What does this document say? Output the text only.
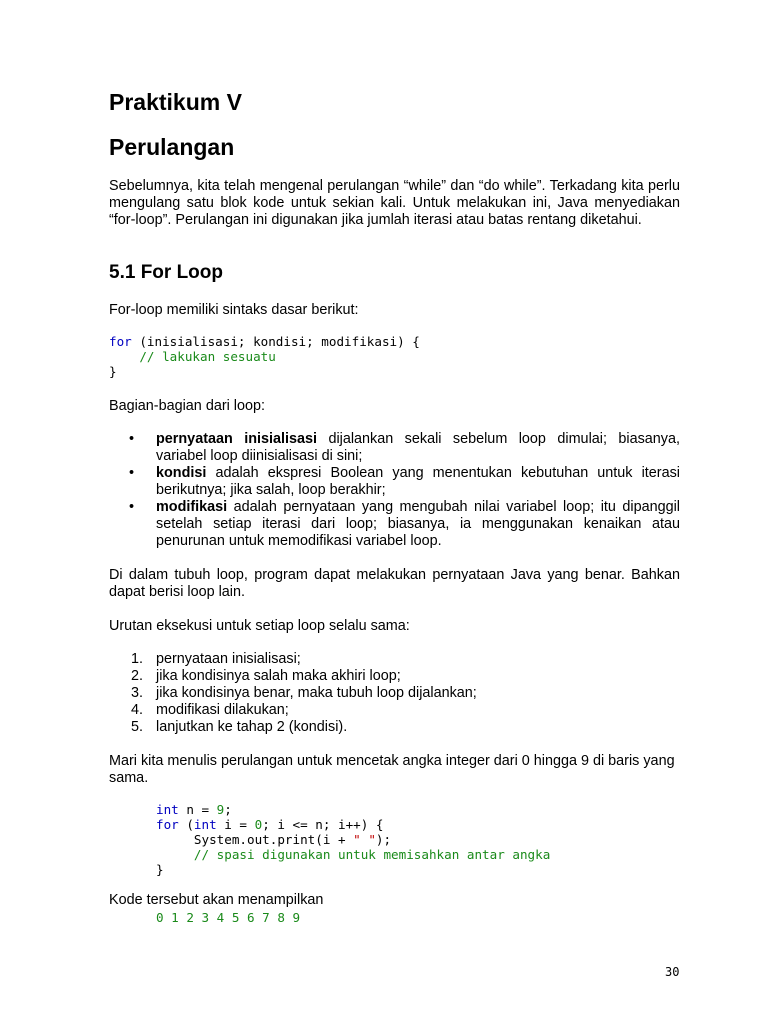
Praktikum V
Perulangan
Sebelumnya, kita telah mengenal perulangan “while” dan “do while”. Terkadang kita perlu mengulang satu blok kode untuk sekian kali. Untuk melakukan ini, Java menyediakan “for-loop”. Perulangan ini digunakan jika jumlah iterasi atau batas rentang diketahui.
5.1 For Loop
For-loop memiliki sintaks dasar berikut:
for (inisialisasi; kondisi; modifikasi) {
// lakukan sesuatu
}
Bagian-bagian dari loop:
• pernyataan inisialisasi dijalankan sekali sebelum loop dimulai; biasanya, variabel loop diinisialisasi di sini;
• kondisi adalah ekspresi Boolean yang menentukan kebutuhan untuk iterasi berikutnya; jika salah, loop berakhir;
• modifikasi adalah pernyataan yang mengubah nilai variabel loop; itu dipanggil setelah setiap iterasi dari loop; biasanya, ia menggunakan kenaikan atau penurunan untuk memodifikasi variabel loop.
Di dalam tubuh loop, program dapat melakukan pernyataan Java yang benar. Bahkan dapat berisi loop lain.
Urutan eksekusi untuk setiap loop selalu sama:
1. pernyataan inisialisasi;
2. jika kondisinya salah maka akhiri loop;
3. jika kondisinya benar, maka tubuh loop dijalankan;
4. modifikasi dilakukan;
5. lanjutkan ke tahap 2 (kondisi).
Mari kita menulis perulangan untuk mencetak angka integer dari 0 hingga 9 di baris yang sama.
int n = 9;
for (int i = 0; i <= n; i++) {
System.out.print(i + " ");
// spasi digunakan untuk memisahkan antar angka
}
Kode tersebut akan menampilkan
0 1 2 3 4 5 6 7 8 9
30
